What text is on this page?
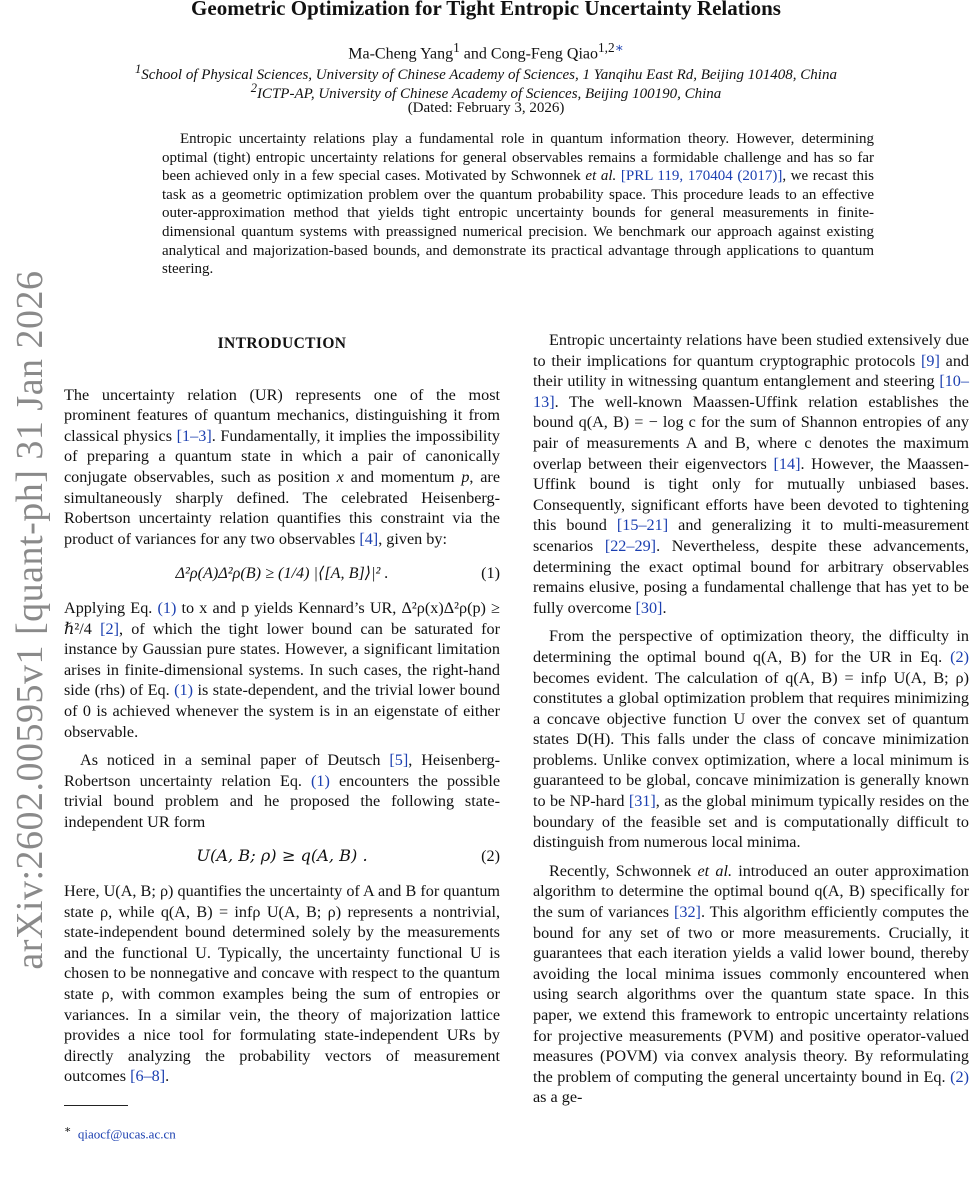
arXiv:2602.00595v1 [quant-ph] 31 Jan 2026
Geometric Optimization for Tight Entropic Uncertainty Relations
Ma-Cheng Yang$^1$ and Cong-Feng Qiao$^{1,2∗}$
$^1$School of Physical Sciences, University of Chinese Academy of Sciences, 1 Yanqihu East Rd, Beijing 101408, China
$^2$ICTP-AP, University of Chinese Academy of Sciences, Beijing 100190, China
(Dated: February 3, 2026)

Entropic uncertainty relations play a fundamental role in quantum information theory. However, determining optimal (tight) entropic uncertainty relations for general observables remains a formidable challenge and has so far been achieved only in a few special cases. Motivated by Schwonnek et al. [PRL 119, 170404 (2017)], we recast this task as a geometric optimization problem over the quantum probability space. This procedure leads to an effective outer-approximation method that yields tight entropic uncertainty bounds for general measurements in finite-dimensional quantum systems with preassigned numerical precision. We benchmark our approach against existing analytical and majorization-based bounds, and demonstrate its practical advantage through applications to quantum steering.

INTRODUCTION

The uncertainty relation (UR) represents one of the most prominent features of quantum mechanics, distinguishing it from classical physics [1–3]. Fundamentally, it implies the impossibility of preparing a quantum state in which a pair of canonically conjugate observables, such as position x and momentum p, are simultaneously sharply defined. The celebrated Heisenberg-Robertson uncertainty relation quantifies this constraint via the product of variances for any two observables [4], given by:

Δ²ρ(A)Δ²ρ(B) ≥ (1/4) |⟨[A, B]⟩|² .	(1)

Applying Eq. (1) to x and p yields Kennard’s UR, Δ²ρ(x)Δ²ρ(p) ≥ ℏ²/4 [2], of which the tight lower bound can be saturated for instance by Gaussian pure states. However, a significant limitation arises in finite-dimensional systems. In such cases, the right-hand side (rhs) of Eq. (1) is state-dependent, and the trivial lower bound of 0 is achieved whenever the system is in an eigenstate of either observable.

As noticed in a seminal paper of Deutsch [5], Heisenberg-Robertson uncertainty relation Eq. (1) encounters the possible trivial bound problem and he proposed the following state-independent UR form

U(A, B; ρ) ≥ q(A, B) .	(2)

Here, U(A, B; ρ) quantifies the uncertainty of A and B for quantum state ρ, while q(A, B) = infρ U(A, B; ρ) represents a nontrivial, state-independent bound determined solely by the measurements and the functional U. Typically, the uncertainty functional U is chosen to be nonnegative and concave with respect to the quantum state ρ, with common examples being the sum of entropies or variances. In a similar vein, the theory of majorization lattice provides a nice tool for formulating state-independent URs by directly analyzing the probability vectors of measurement outcomes [6–8].

∗ qiaocf@ucas.ac.cn

Entropic uncertainty relations have been studied extensively due to their implications for quantum cryptographic protocols [9] and their utility in witnessing quantum entanglement and steering [10–13]. The well-known Maassen-Uffink relation establishes the bound q(A, B) = − log c for the sum of Shannon entropies of any pair of measurements A and B, where c denotes the maximum overlap between their eigenvectors [14]. However, the Maassen-Uffink bound is tight only for mutually unbiased bases. Consequently, significant efforts have been devoted to tightening this bound [15–21] and generalizing it to multi-measurement scenarios [22–29]. Nevertheless, despite these advancements, determining the exact optimal bound for arbitrary observables remains elusive, posing a fundamental challenge that has yet to be fully overcome [30].

From the perspective of optimization theory, the difficulty in determining the optimal bound q(A, B) for the UR in Eq. (2) becomes evident. The calculation of q(A, B) = infρ U(A, B; ρ) constitutes a global optimization problem that requires minimizing a concave objective function U over the convex set of quantum states D(H). This falls under the class of concave minimization problems. Unlike convex optimization, where a local minimum is guaranteed to be global, concave minimization is generally known to be NP-hard [31], as the global minimum typically resides on the boundary of the feasible set and is computationally difficult to distinguish from numerous local minima.

Recently, Schwonnek et al. introduced an outer approximation algorithm to determine the optimal bound q(A, B) specifically for the sum of variances [32]. This algorithm efficiently computes the bound for any set of two or more measurements. Crucially, it guarantees that each iteration yields a valid lower bound, thereby avoiding the local minima issues commonly encountered when using search algorithms over the quantum state space. In this paper, we extend this framework to entropic uncertainty relations for projective measurements (PVM) and positive operator-valued measures (POVM) via convex analysis theory. By reformulating the problem of computing the general uncertainty bound in Eq. (2) as a ge-
